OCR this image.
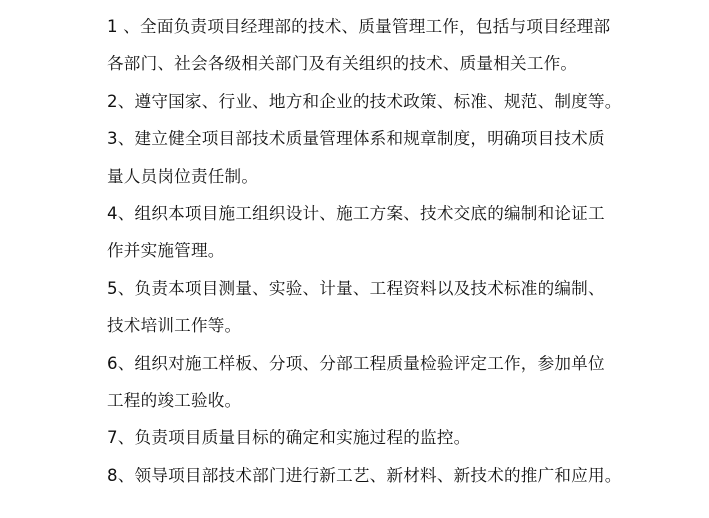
1 、全面负责项目经理部的技术、质量管理工作，包括与项目经理部
各部门、社会各级相关部门及有关组织的技术、质量相关工作。
2、遵守国家、行业、地方和企业的技术政策、标准、规范、制度等。
3、建立健全项目部技术质量管理体系和规章制度，明确项目技术质
量人员岗位责任制。
4、组织本项目施工组织设计、施工方案、技术交底的编制和论证工
作并实施管理。
5、负责本项目测量、实验、计量、工程资料以及技术标准的编制、
技术培训工作等。
6、组织对施工样板、分项、分部工程质量检验评定工作，参加单位
工程的竣工验收。
7、负责项目质量目标的确定和实施过程的监控。
8、领导项目部技术部门进行新工艺、新材料、新技术的推广和应用。
